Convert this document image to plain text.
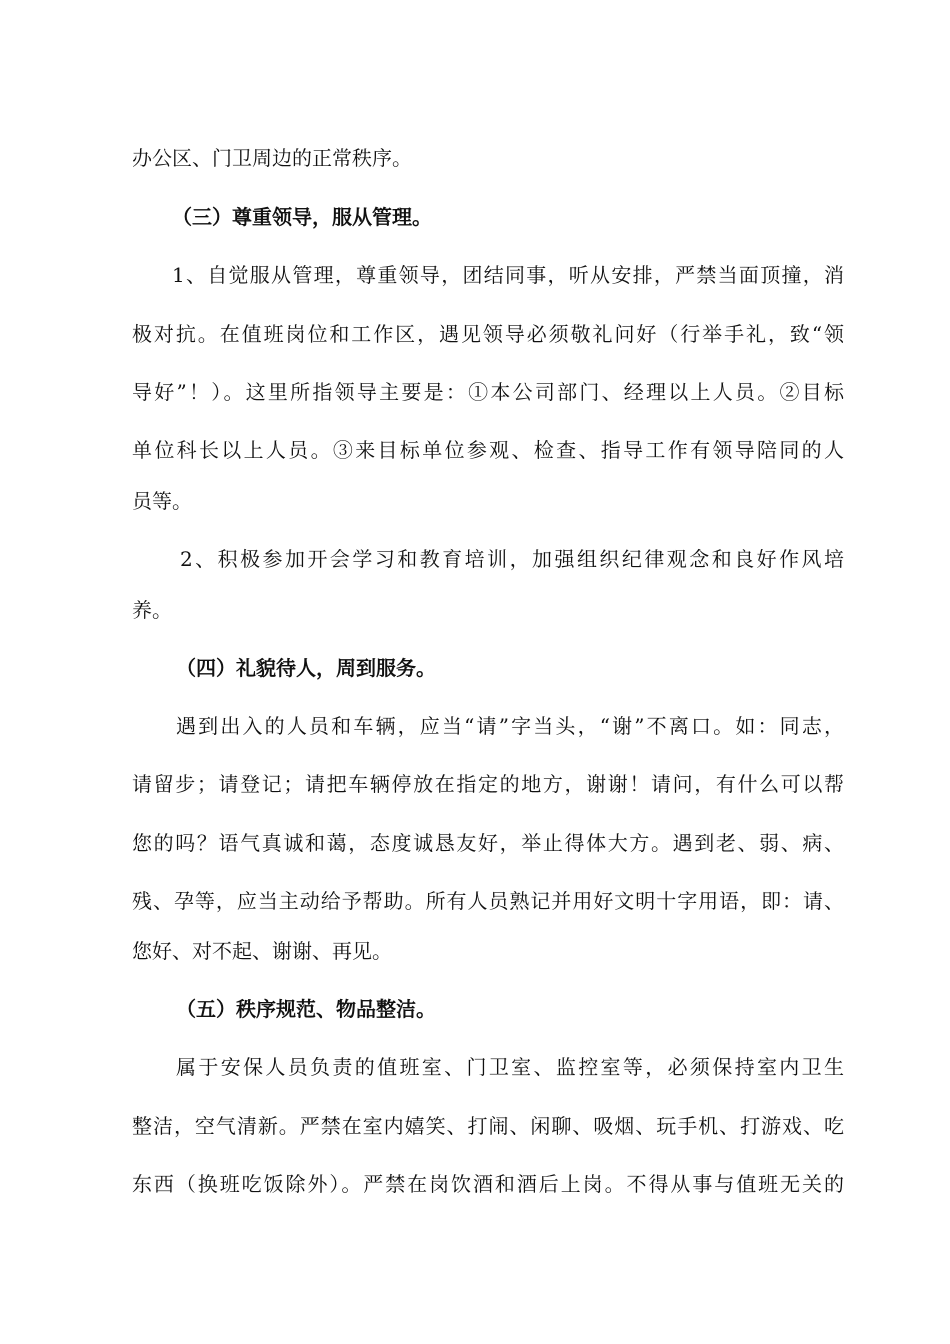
办公区、门卫周边的正常秩序。
（三）尊重领导，服从管理。
1、自觉服从管理，尊重领导，团结同事，听从安排，严禁当面顶撞，消
极对抗。在值班岗位和工作区，遇见领导必须敬礼问好（行举手礼，致“领
导好”！）。这里所指领导主要是：①本公司部门、经理以上人员。②目标
单位科长以上人员。③来目标单位参观、检查、指导工作有领导陪同的人
员等。
2、积极参加开会学习和教育培训，加强组织纪律观念和良好作风培
养。
（四）礼貌待人，周到服务。
遇到出入的人员和车辆，应当“请”字当头，“谢”不离口。如：同志，
请留步；请登记；请把车辆停放在指定的地方，谢谢！请问，有什么可以帮
您的吗？语气真诚和蔼，态度诚恳友好，举止得体大方。遇到老、弱、病、
残、孕等，应当主动给予帮助。所有人员熟记并用好文明十字用语，即：请、
您好、对不起、谢谢、再见。
（五）秩序规范、物品整洁。
属于安保人员负责的值班室、门卫室、监控室等，必须保持室内卫生
整洁，空气清新。严禁在室内嬉笑、打闹、闲聊、吸烟、玩手机、打游戏、吃
东西（换班吃饭除外）。严禁在岗饮酒和酒后上岗。不得从事与值班无关的
